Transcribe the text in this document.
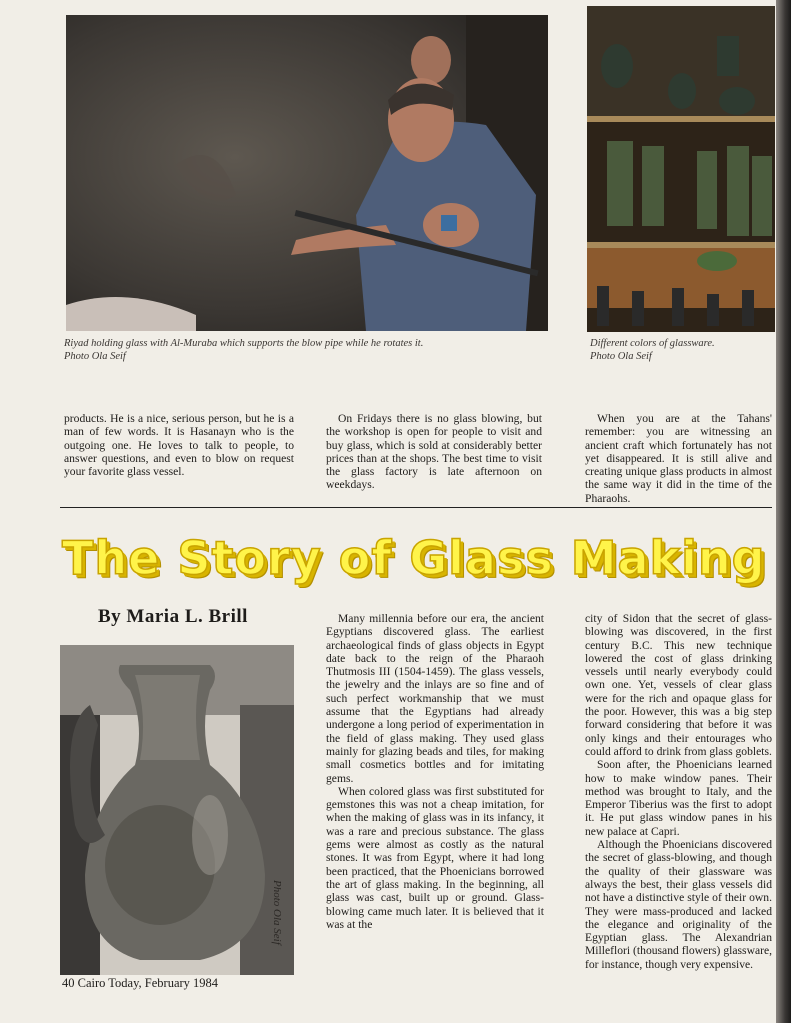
Riyad holding glass with Al-Muraba which supports the blow pipe while he rotates it.
Photo Ola Seif
Different colors of glassware.
Photo Ola Seif

products. He is a nice, serious person, but he is a man of few words. It is Hasanayn who is the outgoing one. He loves to talk to people, to answer questions, and even to blow on request your favorite glass vessel.

On Fridays there is no glass blowing, but the workshop is open for people to visit and buy glass, which is sold at considerably better prices than at the shops. The best time to visit the glass factory is late afternoon on weekdays.

When you are at the Tahans' remember: you are witnessing an ancient craft which fortunately has not yet disappeared. It is still alive and creating unique glass products in almost the same way it did in the time of the Pharaohs.

The Story of Glass Making
By Maria L. Brill
Photo Ola Seif

Many millennia before our era, the ancient Egyptians discovered glass. The earliest archaeological finds of glass objects in Egypt date back to the reign of the Pharaoh Thutmosis III (1504-1459). The glass vessels, the jewelry and the inlays are so fine and of such perfect workmanship that we must assume that the Egyptians had already undergone a long period of experimentation in the field of glass making. They used glass mainly for glazing beads and tiles, for making small cosmetics bottles and for imitating gems.

When colored glass was first substituted for gemstones this was not a cheap imitation, for when the making of glass was in its infancy, it was a rare and precious substance. The glass gems were almost as costly as the natural stones. It was from Egypt, where it had long been practiced, that the Phoenicians borrowed the art of glass making. In the beginning, all glass was cast, built up or ground. Glass-blowing came much later. It is believed that it was at the

city of Sidon that the secret of glass-blowing was discovered, in the first century B.C. This new technique lowered the cost of glass drinking vessels until nearly everybody could own one. Yet, vessels of clear glass were for the rich and opaque glass for the poor. However, this was a big step forward considering that before it was only kings and their entourages who could afford to drink from glass goblets.

Soon after, the Phoenicians learned how to make window panes. Their method was brought to Italy, and the Emperor Tiberius was the first to adopt it. He put glass window panes in his new palace at Capri.

Although the Phoenicians discovered the secret of glass-blowing, and though the quality of their glassware was always the best, their glass vessels did not have a distinctive style of their own. They were mass-produced and lacked the elegance and originality of the Egyptian glass. The Alexandrian Milleflori (thousand flowers) glassware, for instance, though very expensive.

40 Cairo Today, February 1984
